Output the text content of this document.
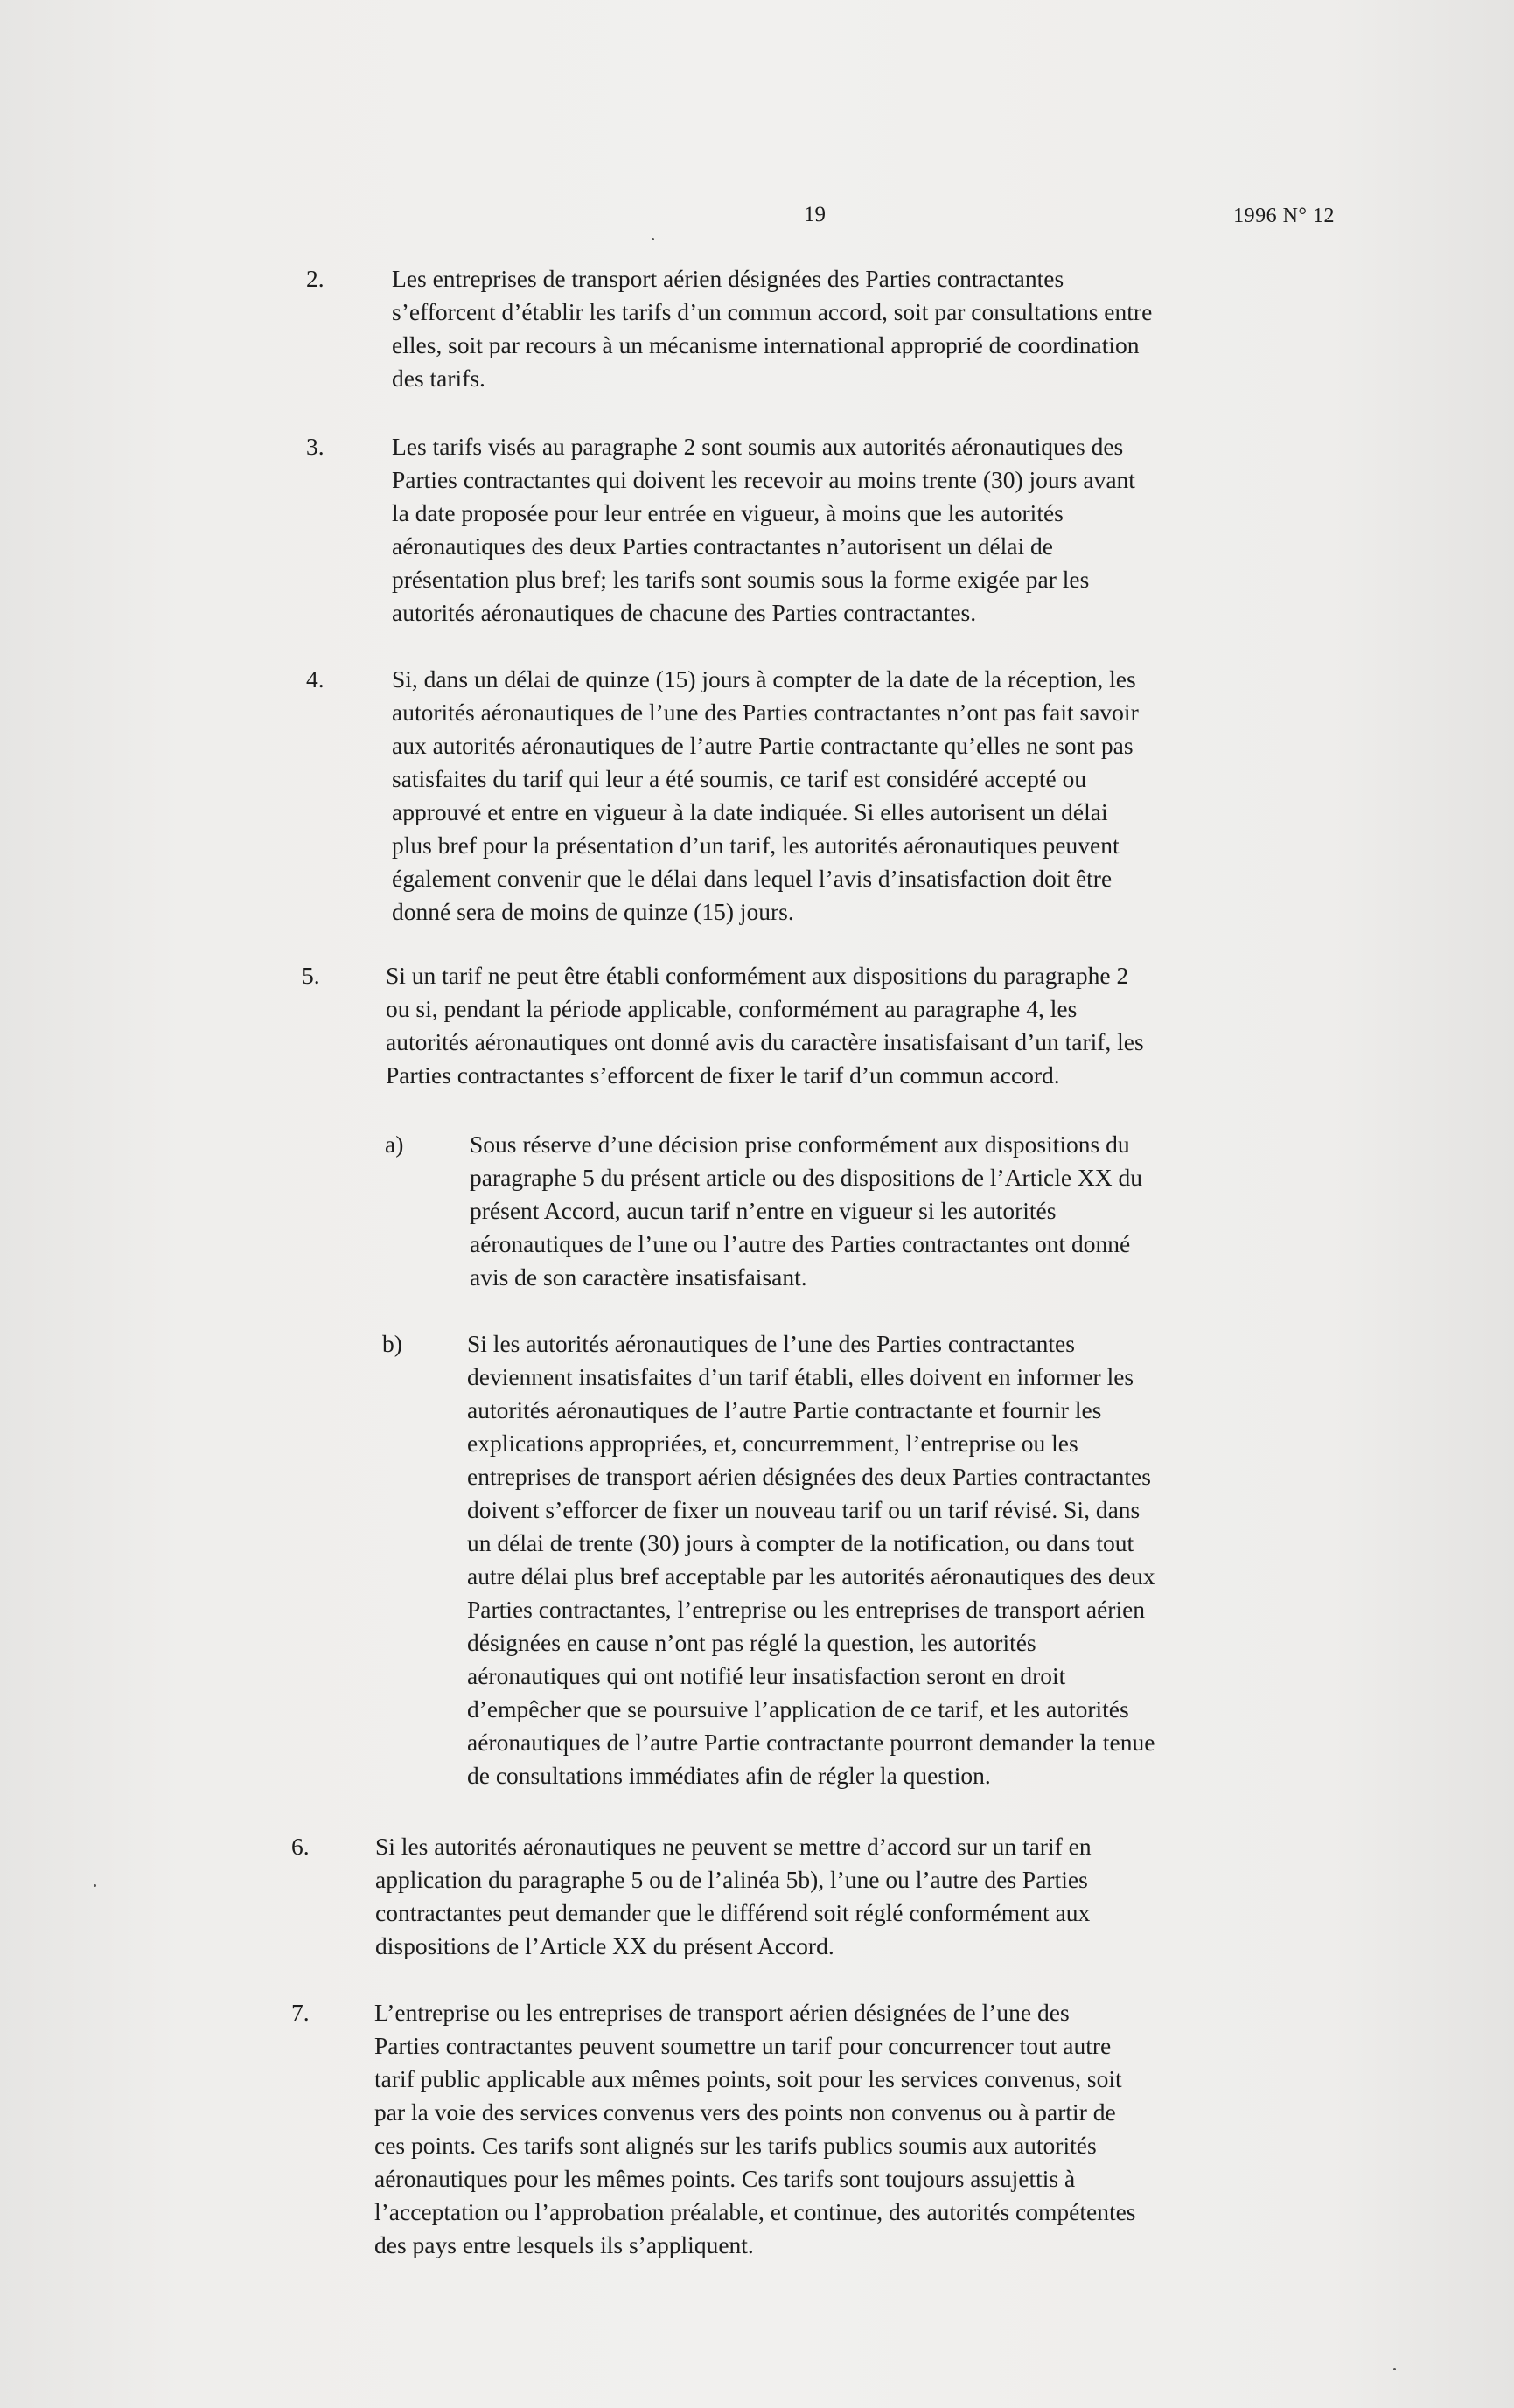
19	1996 N° 12
2.	Les entreprises de transport aérien désignées des Parties contractantes
s’efforcent d’établir les tarifs d’un commun accord, soit par consultations entre
elles, soit par recours à un mécanisme international approprié de coordination
des tarifs.
3.	Les tarifs visés au paragraphe 2 sont soumis aux autorités aéronautiques des
Parties contractantes qui doivent les recevoir au moins trente (30) jours avant
la date proposée pour leur entrée en vigueur, à moins que les autorités
aéronautiques des deux Parties contractantes n’autorisent un délai de
présentation plus bref; les tarifs sont soumis sous la forme exigée par les
autorités aéronautiques de chacune des Parties contractantes.
4.	Si, dans un délai de quinze (15) jours à compter de la date de la réception, les
autorités aéronautiques de l’une des Parties contractantes n’ont pas fait savoir
aux autorités aéronautiques de l’autre Partie contractante qu’elles ne sont pas
satisfaites du tarif qui leur a été soumis, ce tarif est considéré accepté ou
approuvé et entre en vigueur à la date indiquée. Si elles autorisent un délai
plus bref pour la présentation d’un tarif, les autorités aéronautiques peuvent
également convenir que le délai dans lequel l’avis d’insatisfaction doit être
donné sera de moins de quinze (15) jours.
5.	Si un tarif ne peut être établi conformément aux dispositions du paragraphe 2
ou si, pendant la période applicable, conformément au paragraphe 4, les
autorités aéronautiques ont donné avis du caractère insatisfaisant d’un tarif, les
Parties contractantes s’efforcent de fixer le tarif d’un commun accord.
a)	Sous réserve d’une décision prise conformément aux dispositions du
paragraphe 5 du présent article ou des dispositions de l’Article XX du
présent Accord, aucun tarif n’entre en vigueur si les autorités
aéronautiques de l’une ou l’autre des Parties contractantes ont donné
avis de son caractère insatisfaisant.
b)	Si les autorités aéronautiques de l’une des Parties contractantes
deviennent insatisfaites d’un tarif établi, elles doivent en informer les
autorités aéronautiques de l’autre Partie contractante et fournir les
explications appropriées, et, concurremment, l’entreprise ou les
entreprises de transport aérien désignées des deux Parties contractantes
doivent s’efforcer de fixer un nouveau tarif ou un tarif révisé. Si, dans
un délai de trente (30) jours à compter de la notification, ou dans tout
autre délai plus bref acceptable par les autorités aéronautiques des deux
Parties contractantes, l’entreprise ou les entreprises de transport aérien
désignées en cause n’ont pas réglé la question, les autorités
aéronautiques qui ont notifié leur insatisfaction seront en droit
d’empêcher que se poursuive l’application de ce tarif, et les autorités
aéronautiques de l’autre Partie contractante pourront demander la tenue
de consultations immédiates afin de régler la question.
6.	Si les autorités aéronautiques ne peuvent se mettre d’accord sur un tarif en
application du paragraphe 5 ou de l’alinéa 5b), l’une ou l’autre des Parties
contractantes peut demander que le différend soit réglé conformément aux
dispositions de l’Article XX du présent Accord.
7.	L’entreprise ou les entreprises de transport aérien désignées de l’une des
Parties contractantes peuvent soumettre un tarif pour concurrencer tout autre
tarif public applicable aux mêmes points, soit pour les services convenus, soit
par la voie des services convenus vers des points non convenus ou à partir de
ces points. Ces tarifs sont alignés sur les tarifs publics soumis aux autorités
aéronautiques pour les mêmes points. Ces tarifs sont toujours assujettis à
l’acceptation ou l’approbation préalable, et continue, des autorités compétentes
des pays entre lesquels ils s’appliquent.
